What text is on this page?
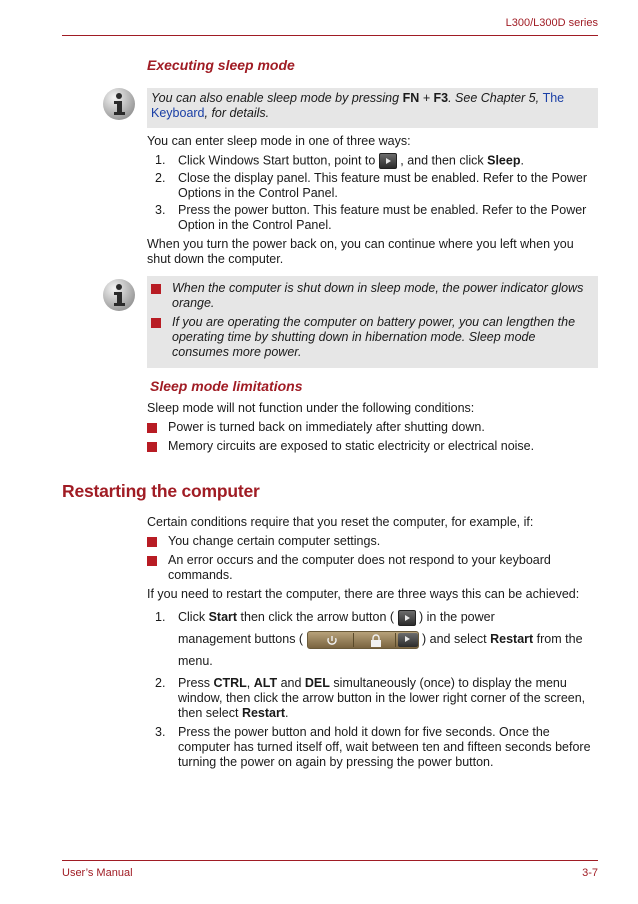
L300/L300D series
Executing sleep mode
You can also enable sleep mode by pressing FN + F3. See Chapter 5, The Keyboard, for details.

You can enter sleep mode in one of three ways:

1. Click Windows Start button, point to  , and then click Sleep.
2. Close the display panel. This feature must be enabled. Refer to the Power Options in the Control Panel.
3. Press the power button. This feature must be enabled. Refer to the Power Option in the Control Panel.

When you turn the power back on, you can continue where you left when you shut down the computer.

When the computer is shut down in sleep mode, the power indicator glows orange.
If you are operating the computer on battery power, you can lengthen the operating time by shutting down in hibernation mode. Sleep mode consumes more power.
Sleep mode limitations

Sleep mode will not function under the following conditions:

Power is turned back on immediately after shutting down.
Memory circuits are exposed to static electricity or electrical noise.
Restarting the computer

Certain conditions require that you reset the computer, for example, if:

You change certain computer settings.
An error occurs and the computer does not respond to your keyboard commands.

If you need to restart the computer, there are three ways this can be achieved:

1. Click Start then click the arrow button (  ) in the power
management buttons (	) and select Restart from the menu.
2. Press CTRL, ALT and DEL simultaneously (once) to display the menu window, then click the arrow button in the lower right corner of the screen, then select Restart.
3. Press the power button and hold it down for five seconds. Once the computer has turned itself off, wait between ten and fifteen seconds before turning the power on again by pressing the power button.
User’s Manual	3-7
